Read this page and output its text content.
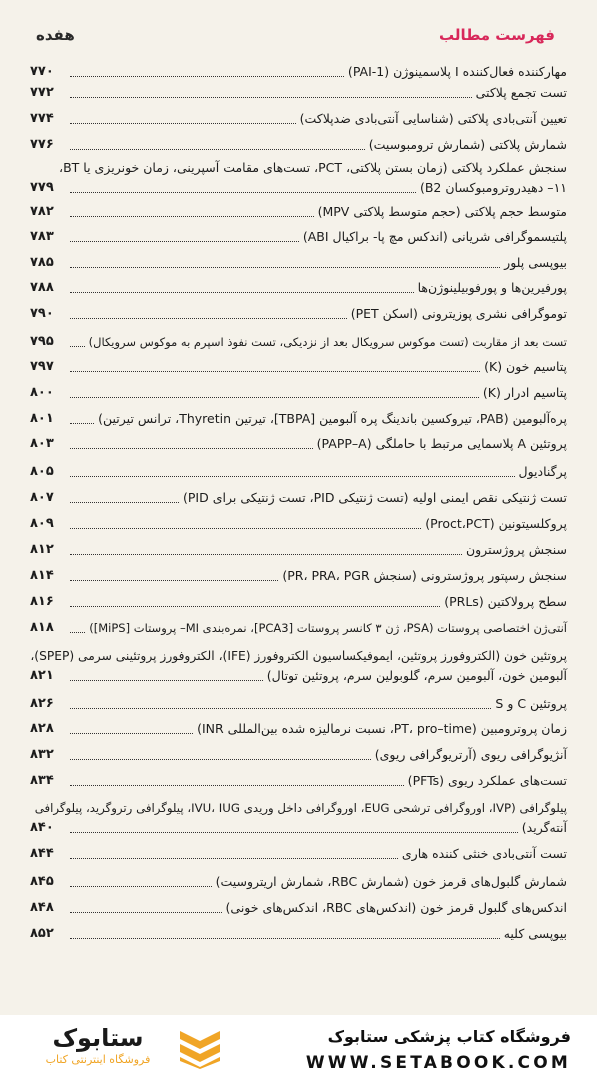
فهرست مطالب
هفده
مهارکننده فعال‌کننده I پلاسمینوژن (PAI-1)
۷۷۰
تست تجمع پلاکتی
۷۷۲
تعیین آنتی‌بادی پلاکتی (شناسایی آنتی‌بادی ضدپلاکت)
۷۷۴
شمارش پلاکتی (شمارش ترومبوسیت)
۷۷۶
سنجش عملکرد پلاکتی (زمان بستن پلاکتی، PCT، تست‌های مقامت آسپرینی، زمان خونریزی یا BT،
۱۱– دهیدروترومبوکسان B2)
۷۷۹
متوسط حجم پلاکتی (حجم متوسط پلاکتی MPV)
۷۸۲
پلتیسموگرافی شریانی (اندکس مچ پا- براکیال ABI)
۷۸۳
بیوپسی پلور
۷۸۵
پورفیرین‌ها و پورفوبیلینوژن‌ها
۷۸۸
توموگرافی نشری پوزیترونی (اسکن PET)
۷۹۰
تست بعد از مقاربت (تست موکوس سرویکال بعد از نزدیکی، تست نفوذ اسپرم به موکوس سرویکال)
۷۹۵
پتاسیم خون (K)
۷۹۷
پتاسیم ادرار (K)
۸۰۰
پره‌آلبومین (PAB، تیروکسین باندینگ پره آلبومین [TBPA]، تیرتین Thyretin، ترانس تیرتین)
۸۰۱
پروتئین A پلاسمایی مرتبط با حاملگی (PAPP–A)
۸۰۳
پرگنادیول
۸۰۵
تست ژنتیکی نقص ایمنی اولیه (تست ژنتیکی PID، تست ژنتیکی برای PID)
۸۰۷
پروکلسیتونین (Proct،PCT)
۸۰۹
سنجش پروژسترون
۸۱۲
سنجش رسپتور پروژسترونی (سنجش PR، PRA، PGR)
۸۱۴
سطح پرولاکتین (PRLs)
۸۱۶
آنتی‌ژن اختصاصی پروستات (PSA، ژن ۳ کانسر پروستات [PCA3]، نمره‌بندی MI– پروستات [MiPS])
۸۱۸
پروتئین خون (الکتروفورز پروتئین، ایموفیکساسیون الکتروفورز (IFE)، الکتروفورز پروتئینی سرمی (SPEP)،
آلبومین خون، آلبومین سرم، گلوبولین سرم، پروتئین توتال)
۸۲۱
پروتئین C و S
۸۲۶
زمان پروترومبین (PT، pro–time، نسبت نرمالیزه شده بین‌المللی INR)
۸۲۸
آنژیوگرافی ریوی (آرتریوگرافی ریوی)
۸۳۲
تست‌های عملکرد ریوی (PFTs)
۸۳۴
پیلوگرافی (IVP، اوروگرافی ترشحی EUG، اوروگرافی داخل وریدی IVU، IUG، پیلوگرافی رتروگرید، پیلوگرافی
آنته‌گرید)
۸۴۰
تست آنتی‌بادی خنثی کننده هاری
۸۴۴
شمارش گلبول‌های قرمز خون (شمارش RBC، شمارش اریتروسیت)
۸۴۵
اندکس‌های گلبول قرمز خون (اندکس‌های RBC، اندکس‌های خونی)
۸۴۸
بیوپسی کلیه
۸۵۲
ستابوک
فروشگاه اینترنتی کتاب
فروشگاه کتاب پزشکی ستابوک
WWW.SETABOOK.COM
